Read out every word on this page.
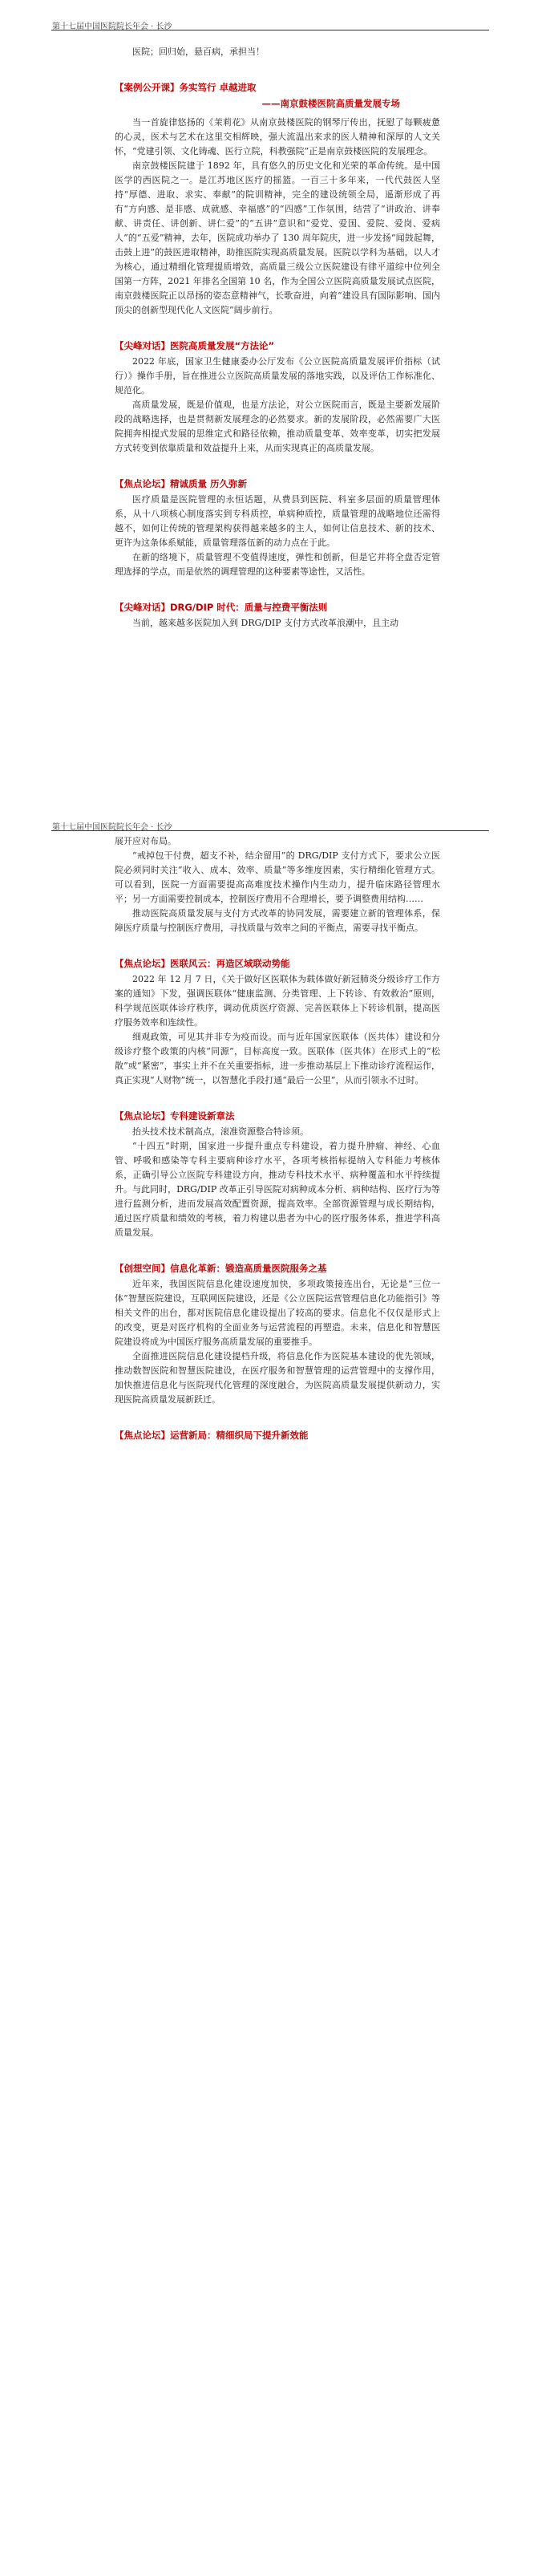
第十七届中国医院院长年会 · 长沙

医院；回归始，悬百病，承担当！

【案例公开课】务实笃行 卓越进取
——南京鼓楼医院高质量发展专场

当一首旋律悠扬的《茉莉花》从南京鼓楼医院的钢琴厅传出，抚慰了每颗疲惫的心灵，医术与艺术在这里交相辉映，强大流温出来求的医人精神和深厚的人文关怀，“党建引领、文化铸魂、医行立院，科教强院”正是南京鼓楼医院的发展理念。

南京鼓楼医院建于 1892 年，具有悠久的历史文化和光荣的革命传统。是中国医学的西医院之一。是江苏地区医疗的摇篮。一百三十多年来，一代代鼓医人坚持“厚德、进取、求实、奉献”的院训精神，完全的建设统领全局，遥渐形成了再有“方向感、是非感、成就感、幸福感”的“四感”工作氛围，结营了“讲政治、讲奉献、讲责任、讲创新、讲仁爱”的“五讲”意识和“爱党、爱国、爱院、爱岗、爱病人”的“五爱”精神，去年，医院成功举办了 130 周年院庆，进一步发扬“闻鼓起舞，击鼓上进”的鼓医进取精神，助推医院实现高质量发展。医院以学科为基础，以人才为核心，通过精细化管理提质增效，高质量三级公立医院建设有律平道综中位列全国第一方阵，2021 年排名全国第 10 名，作为全国公立医院高质量发展试点医院，南京鼓楼医院正以昂扬的姿态意精神气，长歌奋进，向着“建设具有国际影响、国内顶尖的创新型现代化人文医院”阔步前行。

【尖峰对话】医院高质量发展“方法论”

2022 年底，国家卫生健康委办公厅发布《公立医院高质量发展评价指标（试行）》操作手册，旨在推进公立医院高质量发展的落地实践，以及评估工作标准化、规范化。

高质量发展，既是价值观，也是方法论，对公立医院而言，既是主要新发展阶段的战略选择，也是贯彻新发展理念的必然要求。新的发展阶段，必然需要广大医院拥奔相提式发展的思维定式和路径依赖，推动质量变革、效率变革，切实把发展方式转变到依靠质量和效益提升上来，从而实现真正的高质量发展。

【焦点论坛】精诚质量 历久弥新

医疗质量是医院管理的永恒话题，从费县到医院、科室多层面的质量管理体系，从十八项核心制度落实到专科质控，单病种质控，质量管理的战略地位还需得越不，如何让传统的管理架构获得越来越多的主人，如何让信息技术、新的技术、更许为这条体系赋能，质量管理落伍新的动力点在于此。

在新的络境下，质量管理不变值得速度，弹性和创新，但是它并将全盘否定管理选择的学点，而是依然的调理管理的这种要素等途性，又活性。

【尖峰对话】DRG/DIP 时代：质量与控费平衡法则

当前，越来越多医院加入到 DRG/DIP 支付方式改革浪潮中，且主动

第十七届中国医院院长年会 · 长沙

展开应对布局。

“戒掉包干付费，超支不补，结余留用”的 DRG/DIP 支付方式下，要求公立医院必须同时关注“收入、成本、效率、质量”等多维度因素，实行精细化管理方式。可以看到，医院一方面需要提高高难度技术操作内生动力，提升临床路径管理水平；另一方面需要控制成本，控制医疗费用不合理增长，要予调整费用结构……

推动医院高质量发展与支付方式改革的协同发展，需要建立新的管理体系，保障医疗质量与控制医疗费用，寻找质量与效率之间的平衡点，需要寻找平衡点。

【焦点论坛】医联风云：再造区域联动势能

2022 年 12 月 7 日，《关于做好区医联体为载体做好新冠肺炎分级诊疗工作方案的通知》下发，强调医联体“健康监测、分类管理、上下转诊、有效救治”原则，科学规范医联体诊疗秩序，调动优质医疗资源、完善医联体上下转诊机制，提高医疗服务效率和连续性。

细观政策，可见其并非专为疫而设。而与近年国家医联体（医共体）建设和分级诊疗整个政策的内核“同源”，目标高度一致。医联体（医共体）在形式上的“松散”或“紧密”，事实上并不在关重要指标，进一步推动基层上下推动诊疗流程运作，真正实现“人财物”统一，以智慧化手段打通“最后一公里”，从而引领永不过时。

【焦点论坛】专科建设新章法

抬头技术技术制高点，滚准资源整合特诊须。

“十四五”时期，国家进一步提升重点专科建设，着力提升肿瘤、神经、心血管、呼吸和感染等专科主要病种诊疗水平，各项考核指标提纳入专科能力考核体系，正确引导公立医院专科建设方向，推动专科技术水平、病种覆盖和水平持续提升。与此同时，DRG/DIP 改革正引导医院对病种成本分析、病种结构、医疗行为等进行监测分析，进而发展高效配置资源，提高效率。全部资源管理与成长期结构，通过医疗质量和绩效的考核，着力构建以患者为中心的医疗服务体系，推进学科高质量发展。

【创想空间】信息化革新：锻造高质量医院服务之基

近年来，我国医院信息化建设速度加快，多项政策接连出台，无论是“三位一体”智慧医院建设，互联网医院建设，还是《公立医院运营管理信息化功能指引》等相关文件的出台，都对医院信息化建设提出了较高的要求。信息化不仅仅是形式上的改变，更是对医疗机构的全面业务与运营流程的再塑造。未来，信息化和智慧医院建设将成为中国医疗服务高质量发展的重要推手。

全面推进医院信息化建设提档升级，将信息化作为医院基本建设的优先领域，推动数智医院和智慧医院建设，在医疗服务和智慧管理的运营管理中的支撑作用，加快推进信息化与医院现代化管理的深度融合，为医院高质量发展提供新动力，实现医院高质量发展新跃迁。

【焦点论坛】运营新局：精细织局下提升新效能
